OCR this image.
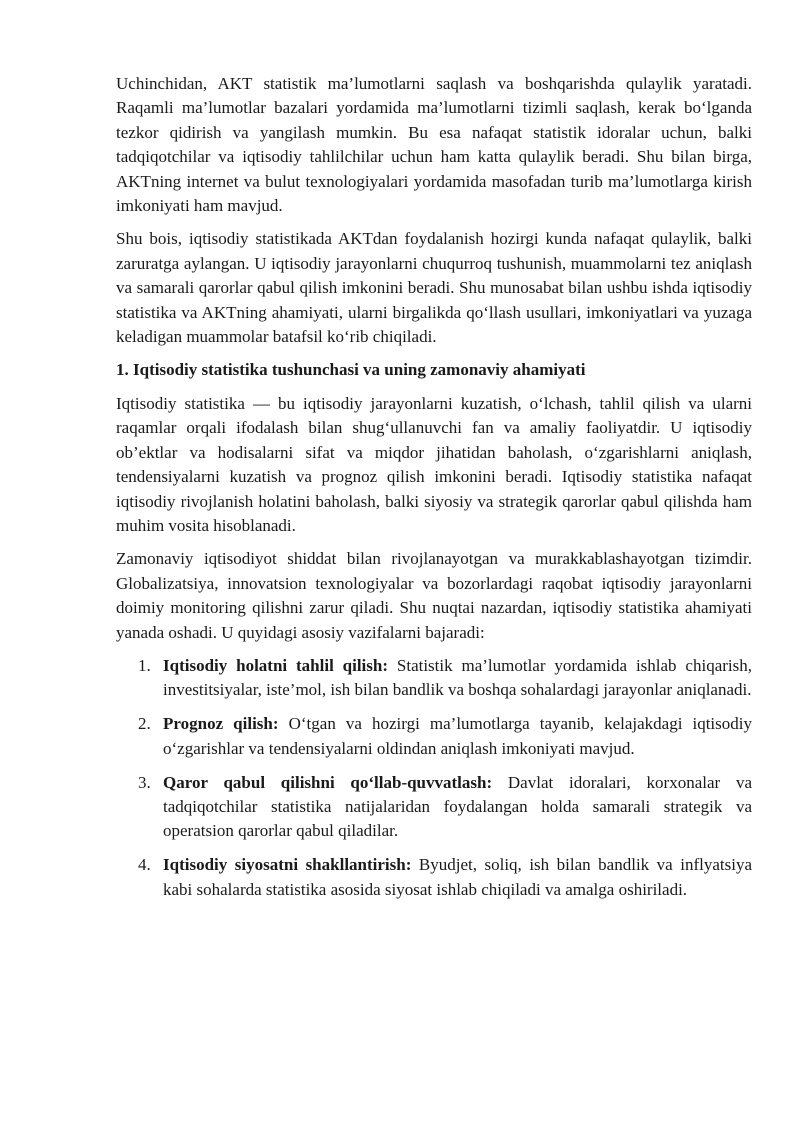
Uchinchidan, AKT statistik ma’lumotlarni saqlash va boshqarishda qulaylik yaratadi. Raqamli ma’lumotlar bazalari yordamida ma’lumotlarni tizimli saqlash, kerak bo‘lganda tezkor qidirish va yangilash mumkin. Bu esa nafaqat statistik idoralar uchun, balki tadqiqotchilar va iqtisodiy tahlilchilar uchun ham katta qulaylik beradi. Shu bilan birga, AKTning internet va bulut texnologiyalari yordamida masofadan turib ma’lumotlarga kirish imkoniyati ham mavjud.

Shu bois, iqtisodiy statistikada AKTdan foydalanish hozirgi kunda nafaqat qulaylik, balki zaruratga aylangan. U iqtisodiy jarayonlarni chuqurroq tushunish, muammolarni tez aniqlash va samarali qarorlar qabul qilish imkonini beradi. Shu munosabat bilan ushbu ishda iqtisodiy statistika va AKTning ahamiyati, ularni birgalikda qo‘llash usullari, imkoniyatlari va yuzaga keladigan muammolar batafsil ko‘rib chiqiladi.

1. Iqtisodiy statistika tushunchasi va uning zamonaviy ahamiyati

Iqtisodiy statistika — bu iqtisodiy jarayonlarni kuzatish, o‘lchash, tahlil qilish va ularni raqamlar orqali ifodalash bilan shug‘ullanuvchi fan va amaliy faoliyatdir. U iqtisodiy ob’ektlar va hodisalarni sifat va miqdor jihatidan baholash, o‘zgarishlarni aniqlash, tendensiyalarni kuzatish va prognoz qilish imkonini beradi. Iqtisodiy statistika nafaqat iqtisodiy rivojlanish holatini baholash, balki siyosiy va strategik qarorlar qabul qilishda ham muhim vosita hisoblanadi.

Zamonaviy iqtisodiyot shiddat bilan rivojlanayotgan va murakkablashayotgan tizimdir. Globalizatsiya, innovatsion texnologiyalar va bozorlardagi raqobat iqtisodiy jarayonlarni doimiy monitoring qilishni zarur qiladi. Shu nuqtai nazardan, iqtisodiy statistika ahamiyati yanada oshadi. U quyidagi asosiy vazifalarni bajaradi:

1. Iqtisodiy holatni tahlil qilish: Statistik ma’lumotlar yordamida ishlab chiqarish, investitsiyalar, iste’mol, ish bilan bandlik va boshqa sohalardagi jarayonlar aniqlanadi.
2. Prognoz qilish: O‘tgan va hozirgi ma’lumotlarga tayanib, kelajakdagi iqtisodiy o‘zgarishlar va tendensiyalarni oldindan aniqlash imkoniyati mavjud.
3. Qaror qabul qilishni qo‘llab-quvvatlash: Davlat idoralari, korxonalar va tadqiqotchilar statistika natijalaridan foydalangan holda samarali strategik va operatsion qarorlar qabul qiladilar.
4. Iqtisodiy siyosatni shakllantirish: Byudjet, soliq, ish bilan bandlik va inflyatsiya kabi sohalarda statistika asosida siyosat ishlab chiqiladi va amalga oshiriladi.
